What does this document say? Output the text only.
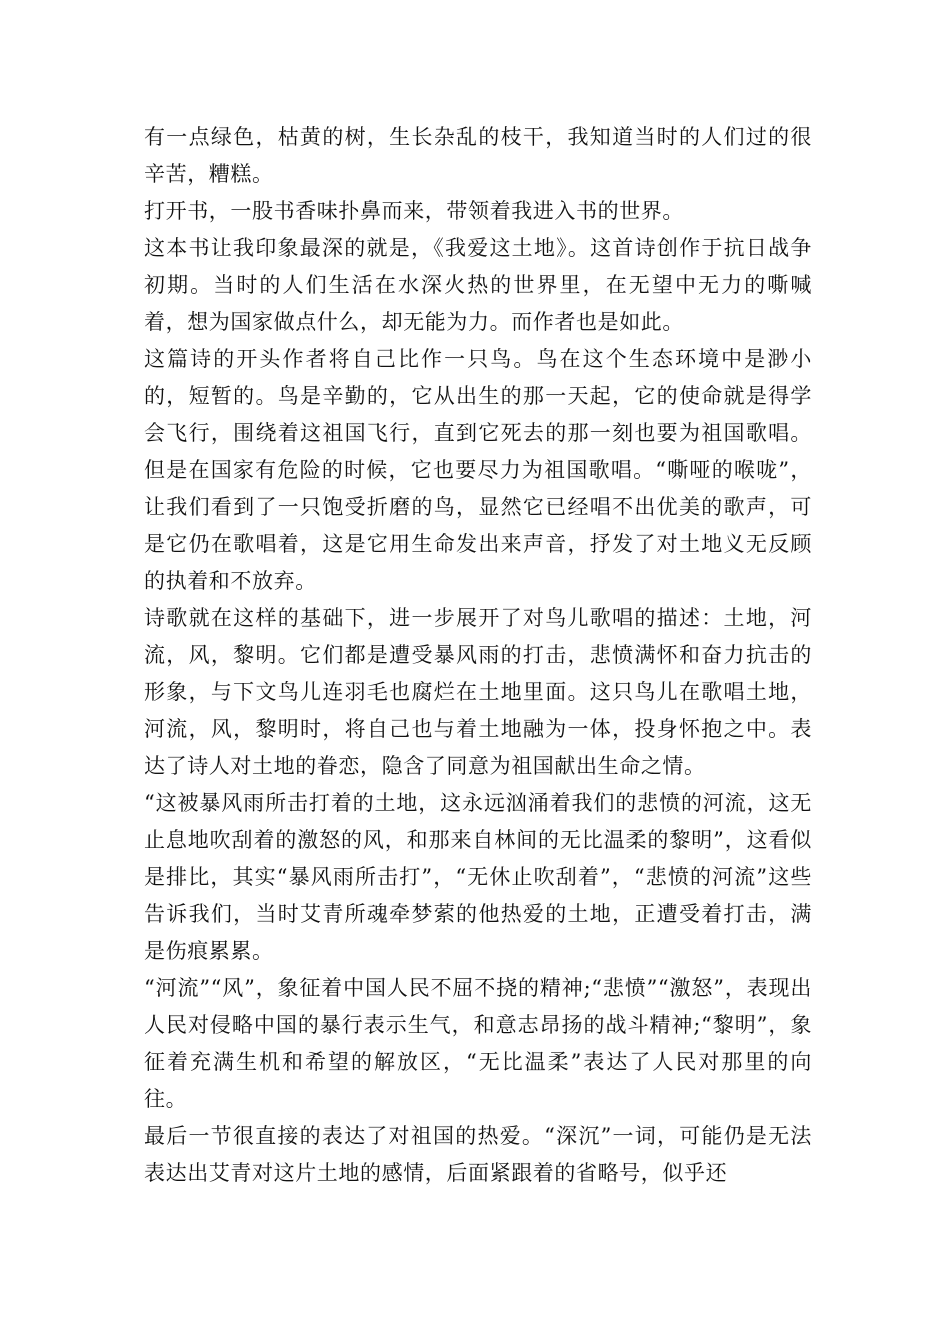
有一点绿色，枯黄的树，生长杂乱的枝干，我知道当时的人们过的很辛苦，糟糕。

打开书，一股书香味扑鼻而来，带领着我进入书的世界。

这本书让我印象最深的就是，《我爱这土地》。这首诗创作于抗日战争初期。当时的人们生活在水深火热的世界里，在无望中无力的嘶喊着，想为国家做点什么，却无能为力。而作者也是如此。

这篇诗的开头作者将自己比作一只鸟。鸟在这个生态环境中是渺小的，短暂的。鸟是辛勤的，它从出生的那一天起，它的使命就是得学会飞行，围绕着这祖国飞行，直到它死去的那一刻也要为祖国歌唱。但是在国家有危险的时候，它也要尽力为祖国歌唱。“嘶哑的喉咙”，让我们看到了一只饱受折磨的鸟，显然它已经唱不出优美的歌声，可是它仍在歌唱着，这是它用生命发出来声音，抒发了对土地义无反顾的执着和不放弃。

诗歌就在这样的基础下，进一步展开了对鸟儿歌唱的描述：土地，河流，风，黎明。它们都是遭受暴风雨的打击，悲愤满怀和奋力抗击的形象，与下文鸟儿连羽毛也腐烂在土地里面。这只鸟儿在歌唱土地，河流，风，黎明时，将自己也与着土地融为一体，投身怀抱之中。表达了诗人对土地的眷恋，隐含了同意为祖国献出生命之情。

“这被暴风雨所击打着的土地，这永远汹涌着我们的悲愤的河流，这无止息地吹刮着的激怒的风，和那来自林间的无比温柔的黎明”，这看似是排比，其实“暴风雨所击打”，“无休止吹刮着”，“悲愤的河流”这些告诉我们，当时艾青所魂牵梦萦的他热爱的土地，正遭受着打击，满是伤痕累累。

“河流”“风”，象征着中国人民不屈不挠的精神;“悲愤”“激怒”，表现出人民对侵略中国的暴行表示生气，和意志昂扬的战斗精神;“黎明”，象征着充满生机和希望的解放区，“无比温柔”表达了人民对那里的向往。

最后一节很直接的表达了对祖国的热爱。“深沉”一词，可能仍是无法表达出艾青对这片土地的感情，后面紧跟着的省略号，似乎还
